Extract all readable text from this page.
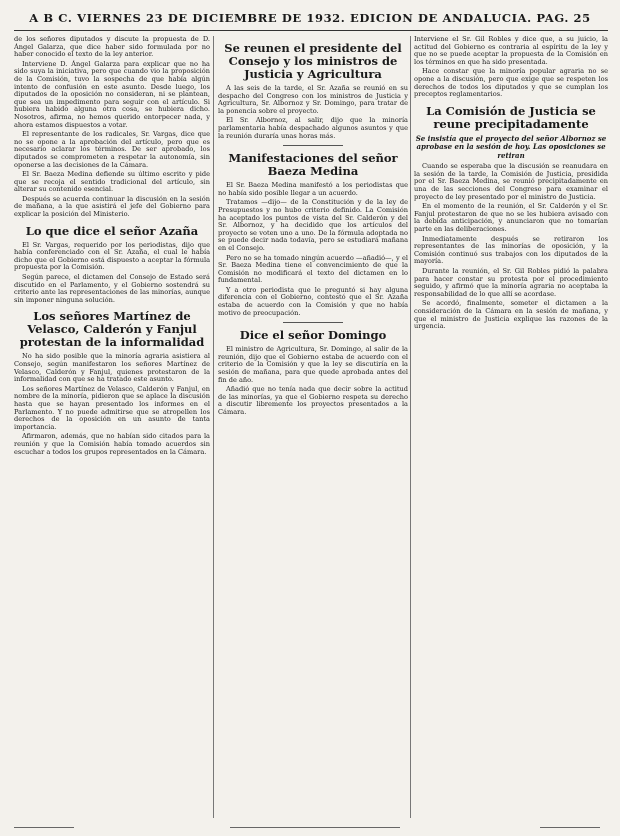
A B C. VIERNES 23 DE DICIEMBRE DE 1932. EDICION DE ANDALUCIA. PAG. 25

de los señores diputados y discute la propuesta de D. Ángel Galarza, que dice haber sido formulada por no haber conocido el texto de la ley anterior.

Interviene D. Ángel Galarza para explicar que no ha sido suya la iniciativa, pero que cuando vio la proposición de la Comisión, tuvo la sospecha de que había algún intento de confusión en este asunto. Desde luego, los diputados de la oposición no consideran, ni se plantean, que sea un impedimento para seguir con el artículo. Si hubiera habido alguna otra cosa, se hubiera dicho. Nosotros, afirma, no hemos querido entorpecer nada, y ahora estamos dispuestos a votar.

El representante de los radicales, Sr. Vargas, dice que no se opone a la aprobación del artículo, pero que es necesario aclarar los términos. De ser aprobado, los diputados se comprometen a respetar la autonomía, sin oponerse a las decisiones de la Cámara.

El Sr. Baeza Medina defiende su último escrito y pide que se recoja el sentido tradicional del artículo, sin alterar su contenido esencial.

Después se acuerda continuar la discusión en la sesión de mañana, a la que asistirá el jefe del Gobierno para explicar la posición del Ministerio.

Lo que dice el señor Azaña

El Sr. Vargas, requerido por los periodistas, dijo que había conferenciado con el Sr. Azaña, el cual le había dicho que el Gobierno está dispuesto a aceptar la fórmula propuesta por la Comisión.

Según parece, el dictamen del Consejo de Estado será discutido en el Parlamento, y el Gobierno sostendrá su criterio ante las representaciones de las minorías, aunque sin imponer ninguna solución.

Los señores Martínez de Velasco, Calderón y Fanjul protestan de la informalidad

No ha sido posible que la minoría agraria asistiera al Consejo, según manifestaron los señores Martínez de Velasco, Calderón y Fanjul, quienes protestaron de la informalidad con que se ha tratado este asunto.

Los señores Martínez de Velasco, Calderón y Fanjul, en nombre de la minoría, pidieron que se aplace la discusión hasta que se hayan presentado los informes en el Parlamento. Y no puede admitirse que se atropellen los derechos de la oposición en un asunto de tanta importancia.

Afirmaron, además, que no habían sido citados para la reunión y que la Comisión había tomado acuerdos sin escuchar a todos los grupos representados en la Cámara.

Se reunen el presidente del Consejo y los ministros de Justicia y Agricultura

A las seis de la tarde, el Sr. Azaña se reunió en su despacho del Congreso con los ministros de Justicia y Agricultura, Sr. Albornoz y Sr. Domingo, para tratar de la ponencia sobre el proyecto.

El Sr. Albornoz, al salir, dijo que la minoría parlamentaria había despachado algunos asuntos y que la reunión duraría unas horas más.

Manifestaciones del señor Baeza Medina

El Sr. Baeza Medina manifestó a los periodistas que no había sido posible llegar a un acuerdo.

Tratamos —dijo— de la Constitución y de la ley de Presupuestos y no hubo criterio definido. La Comisión ha aceptado los puntos de vista del Sr. Calderón y del Sr. Albornoz, y ha decidido que los artículos del proyecto se voten uno a uno. De la fórmula adoptada no se puede decir nada todavía, pero se estudiará mañana en el Consejo.

Pero no se ha tomado ningún acuerdo —añadió—, y el Sr. Baeza Medina tiene el convencimiento de que la Comisión no modificará el texto del dictamen en lo fundamental.

Y a otro periodista que le preguntó si hay alguna diferencia con el Gobierno, contestó que el Sr. Azaña estaba de acuerdo con la Comisión y que no había motivo de preocupación.

Dice el señor Domingo

El ministro de Agricultura, Sr. Domingo, al salir de la reunión, dijo que el Gobierno estaba de acuerdo con el criterio de la Comisión y que la ley se discutiría en la sesión de mañana, para que quede aprobada antes del fin de año.

Añadió que no tenía nada que decir sobre la actitud de las minorías, ya que el Gobierno respeta su derecho a discutir libremente los proyectos presentados a la Cámara.

Interviene el Sr. Gil Robles y dice que, a su juicio, la actitud del Gobierno es contraria al espíritu de la ley y que no se puede aceptar la propuesta de la Comisión en los términos en que ha sido presentada.

Hace constar que la minoría popular agraria no se opone a la discusión, pero que exige que se respeten los derechos de todos los diputados y que se cumplan los preceptos reglamentarios.

La Comisión de Justicia se reune precipitadamente
Se insistía que el proyecto del señor Albornoz se aprobase en la sesión de hoy. Las oposiciones se retiran

Cuando se esperaba que la discusión se reanudara en la sesión de la tarde, la Comisión de Justicia, presidida por el Sr. Baeza Medina, se reunió precipitadamente en una de las secciones del Congreso para examinar el proyecto de ley presentado por el ministro de Justicia.

En el momento de la reunión, el Sr. Calderón y el Sr. Fanjul protestaron de que no se les hubiera avisado con la debida anticipación, y anunciaron que no tomarían parte en las deliberaciones.

Inmediatamente después se retiraron los representantes de las minorías de oposición, y la Comisión continuó sus trabajos con los diputados de la mayoría.

Durante la reunión, el Sr. Gil Robles pidió la palabra para hacer constar su protesta por el procedimiento seguido, y afirmó que la minoría agraria no aceptaba la responsabilidad de lo que allí se acordase.

Se acordó, finalmente, someter el dictamen a la consideración de la Cámara en la sesión de mañana, y que el ministro de Justicia explique las razones de la urgencia.
